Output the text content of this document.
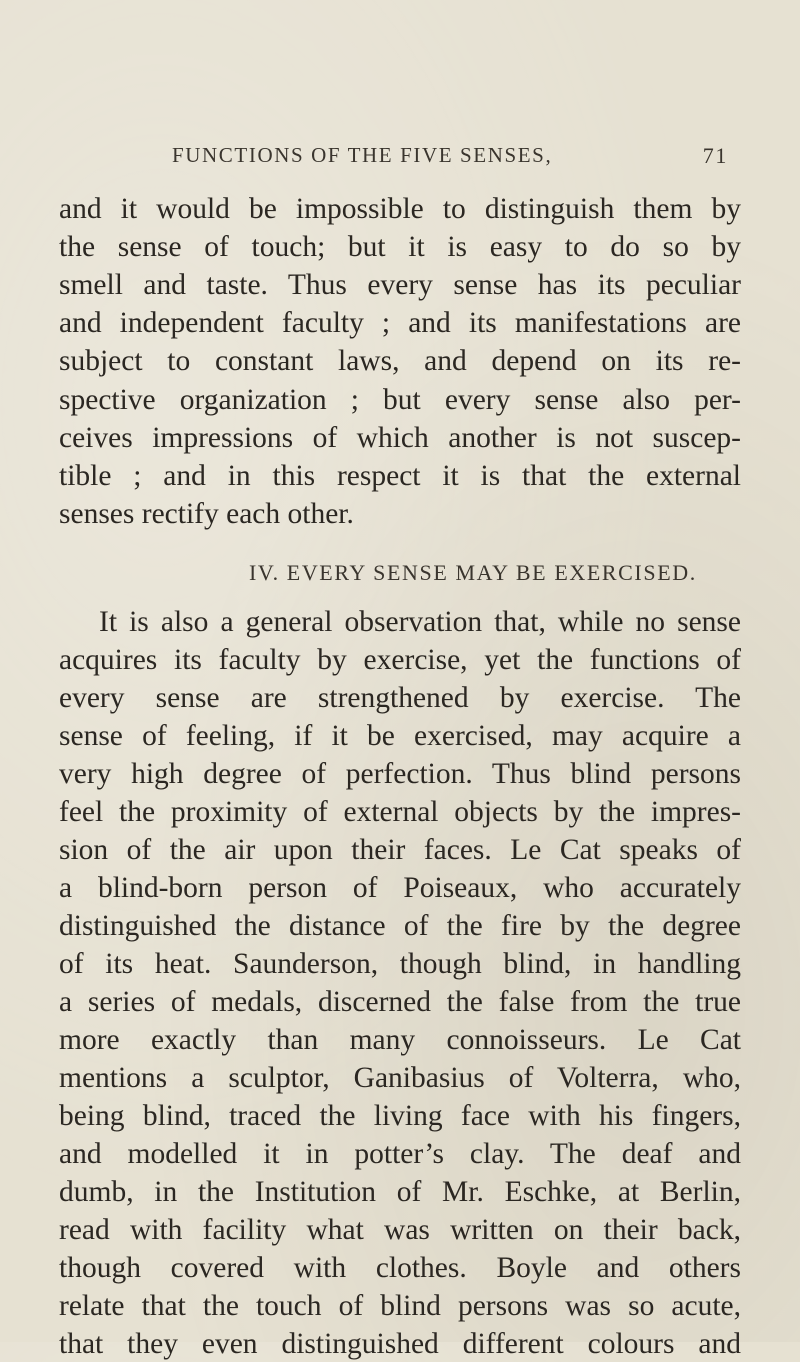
FUNCTIONS OF THE FIVE SENSES,	71
and it would be impossible to distinguish them by
the sense of touch; but it is easy to do so by
smell and taste. Thus every sense has its peculiar
and independent faculty ; and its manifestations are
subject to constant laws, and depend on its re-
spective organization ; but every sense also per-
ceives impressions of which another is not suscep-
tible ; and in this respect it is that the external
senses rectify each other.
IV. EVERY SENSE MAY BE EXERCISED.
It is also a general observation that, while no sense
acquires its faculty by exercise, yet the functions of
every sense are strengthened by exercise. The
sense of feeling, if it be exercised, may acquire a
very high degree of perfection. Thus blind persons
feel the proximity of external objects by the impres-
sion of the air upon their faces. Le Cat speaks of
a blind-born person of Poiseaux, who accurately
distinguished the distance of the fire by the degree
of its heat. Saunderson, though blind, in handling
a series of medals, discerned the false from the true
more exactly than many connoisseurs. Le Cat
mentions a sculptor, Ganibasius of Volterra, who,
being blind, traced the living face with his fingers,
and modelled it in potter’s clay. The deaf and
dumb, in the Institution of Mr. Eschke, at Berlin,
read with facility what was written on their back,
though covered with clothes. Boyle and others
relate that the touch of blind persons was so acute,
that they even distinguished different colours and
